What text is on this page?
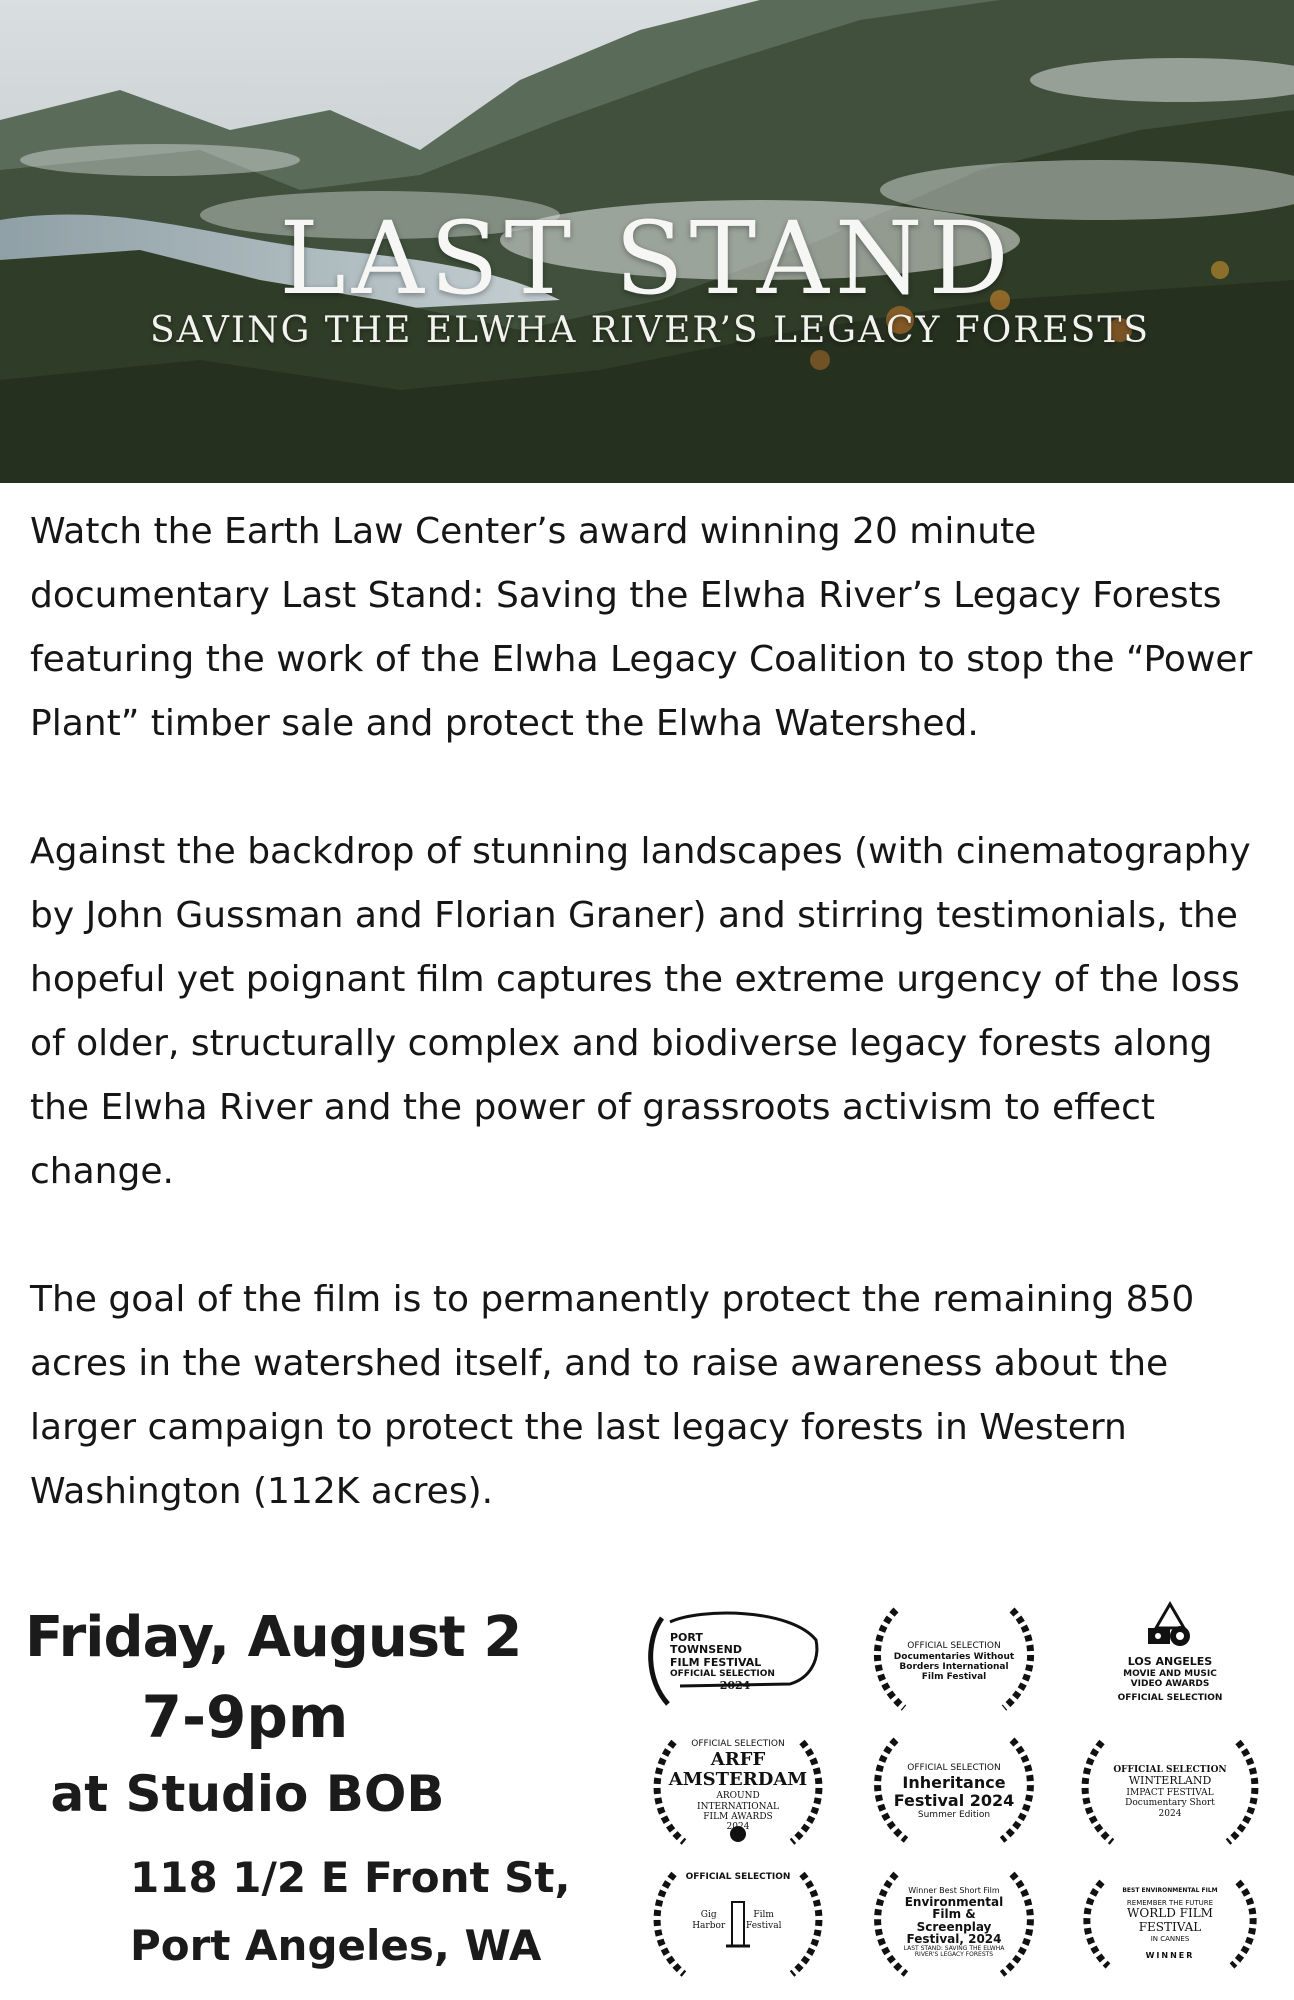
LAST STAND
SAVING THE ELWHA RIVER’S LEGACY FORESTS

Watch the Earth Law Center’s award winning 20 minute documentary Last Stand: Saving the Elwha River’s Legacy Forests featuring the work of the Elwha Legacy Coalition to stop the “Power Plant” timber sale and protect the Elwha Watershed.

Against the backdrop of stunning landscapes (with cinematography by John Gussman and Florian Graner) and stirring testimonials, the hopeful yet poignant film captures the extreme urgency of the loss of older, structurally complex and biodiverse legacy forests along the Elwha River and the power of grassroots activism to effect change.

The goal of the film is to permanently protect the remaining 850 acres in the watershed itself, and to raise awareness about the larger campaign to protect the last legacy forests in Western Washington (112K acres).

Friday, August 2

7-9pm

at Studio BOB

118 1/2 E Front St,

Port Angeles, WA

PORT
TOWNSEND
FILM FESTIVAL
OFFICIAL SELECTION
2024
OFFICIAL SELECTION
Documentaries Without
Borders International
Film Festival
LOS ANGELES
MOVIE AND MUSIC
VIDEO AWARDS
OFFICIAL SELECTION
OFFICIAL SELECTION
ARFF AMSTERDAM
AROUND INTERNATIONAL
FILM AWARDS
2024
OFFICIAL SELECTION
Inheritance
Festival 2024
Summer Edition
OFFICIAL SELECTION
WINTERLAND
IMPACT FESTIVAL
Documentary Short
2024
OFFICIAL SELECTION
Gig Harbor
Film Festival
Winner Best Short Film
Environmental
Film &
Screenplay
Festival, 2024
LAST STAND: SAVING THE ELWHA
RIVER'S LEGACY FORESTS
BEST ENVIRONMENTAL FILM
REMEMBER THE FUTURE
WORLD FILM FESTIVAL
IN CANNES
WINNER
